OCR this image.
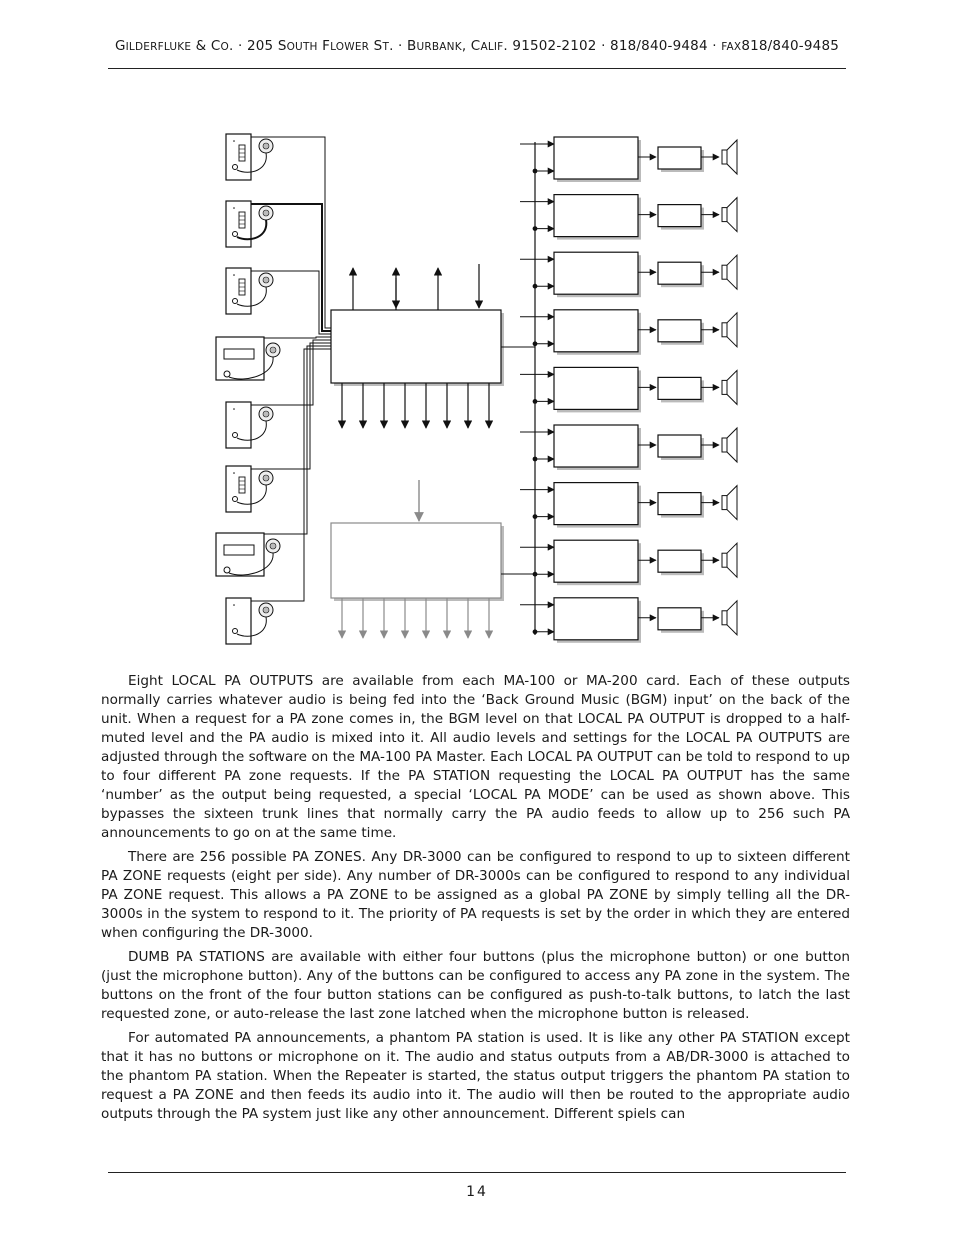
GILDERFLUKE & CO. · 205 SOUTH FLOWER ST. · BURBANK, CALIF. 91502-2102 · 818/840-9484 · FAX818/840-9485

Eight LOCAL PA OUTPUTS are available from each MA-100 or MA-200 card. Each of these outputs normally carries whatever audio is being fed into the ‘Back Ground Music (BGM) input’ on the back of the unit. When a request for a PA zone comes in, the BGM level on that LOCAL PA OUTPUT is dropped to a half-muted level and the PA audio is mixed into it. All audio levels and settings for the LOCAL PA OUTPUTS are adjusted through the software on the MA-100 PA Master. Each LOCAL PA OUTPUT can be told to respond to up to four different PA zone requests. If the PA STATION requesting the LOCAL PA OUTPUT has the same ‘number’ as the output being requested, a special ‘LOCAL PA MODE’ can be used as shown above. This bypasses the sixteen trunk lines that normally carry the PA audio feeds to allow up to 256 such PA announcements to go on at the same time.

There are 256 possible PA ZONES. Any DR-3000 can be configured to respond to up to sixteen different PA ZONE requests (eight per side). Any number of DR-3000s can be configured to respond to any individual PA ZONE request. This allows a PA ZONE to be assigned as a global PA ZONE by simply telling all the DR-3000s in the system to respond to it. The priority of PA requests is set by the order in which they are entered when configuring the DR-3000.

DUMB PA STATIONS are available with either four buttons (plus the microphone button) or one button (just the microphone button). Any of the buttons can be configured to access any PA zone in the system. The buttons on the front of the four button stations can be configured as push-to-talk buttons, to latch the last requested zone, or auto-release the last zone latched when the microphone button is released.

For automated PA announcements, a phantom PA station is used. It is like any other PA STATION except that it has no buttons or microphone on it. The audio and status outputs from a AB/DR-3000 is attached to the phantom PA station. When the Repeater is started, the status output triggers the phantom PA station to request a PA ZONE and then feeds its audio into it. The audio will then be routed to the appropriate audio outputs through the PA system just like any other announcement. Different spiels can

14
